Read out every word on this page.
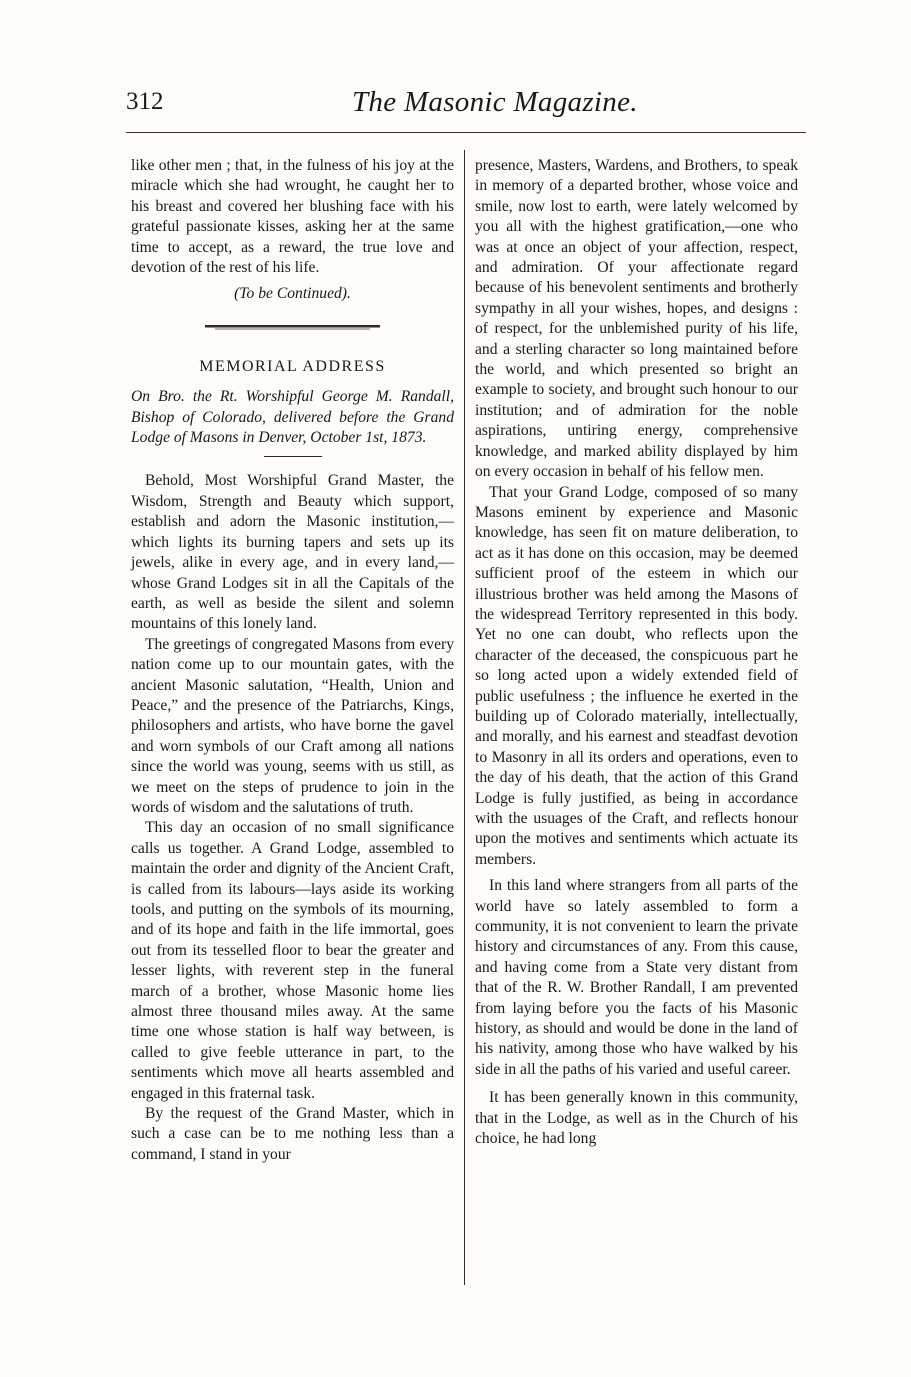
312	The Masonic Magazine.

like other men ; that, in the fulness of his joy at the miracle which she had wrought, he caught her to his breast and covered her blushing face with his grateful passionate kisses, asking her at the same time to accept, as a reward, the true love and devotion of the rest of his life.

(To be Continued).

MEMORIAL ADDRESS

On Bro. the Rt. Worshipful George M. Randall, Bishop of Colorado, delivered before the Grand Lodge of Masons in Denver, October 1st, 1873.

Behold, Most Worshipful Grand Master, the Wisdom, Strength and Beauty which support, establish and adorn the Masonic institution,—which lights its burning tapers and sets up its jewels, alike in every age, and in every land,—whose Grand Lodges sit in all the Capitals of the earth, as well as beside the silent and solemn mountains of this lonely land.

The greetings of congregated Masons from every nation come up to our mountain gates, with the ancient Masonic salutation, “Health, Union and Peace,” and the presence of the Patriarchs, Kings, philosophers and artists, who have borne the gavel and worn symbols of our Craft among all nations since the world was young, seems with us still, as we meet on the steps of prudence to join in the words of wisdom and the salutations of truth.

This day an occasion of no small significance calls us together. A Grand Lodge, assembled to maintain the order and dignity of the Ancient Craft, is called from its labours—lays aside its working tools, and putting on the symbols of its mourning, and of its hope and faith in the life immortal, goes out from its tesselled floor to bear the greater and lesser lights, with reverent step in the funeral march of a brother, whose Masonic home lies almost three thousand miles away. At the same time one whose station is half way between, is called to give feeble utterance in part, to the sentiments which move all hearts assembled and engaged in this fraternal task.

By the request of the Grand Master, which in such a case can be to me nothing less than a command, I stand in your

presence, Masters, Wardens, and Brothers, to speak in memory of a departed brother, whose voice and smile, now lost to earth, were lately welcomed by you all with the highest gratification,—one who was at once an object of your affection, respect, and admiration. Of your affectionate regard because of his benevolent sentiments and brotherly sympathy in all your wishes, hopes, and designs : of respect, for the unblemished purity of his life, and a sterling character so long maintained before the world, and which presented so bright an example to society, and brought such honour to our institution; and of admiration for the noble aspirations, untiring energy, comprehensive knowledge, and marked ability displayed by him on every occasion in behalf of his fellow men.

That your Grand Lodge, composed of so many Masons eminent by experience and Masonic knowledge, has seen fit on mature deliberation, to act as it has done on this occasion, may be deemed sufficient proof of the esteem in which our illustrious brother was held among the Masons of the widespread Territory represented in this body. Yet no one can doubt, who reflects upon the character of the deceased, the conspicuous part he so long acted upon a widely extended field of public usefulness ; the influence he exerted in the building up of Colorado materially, intellectually, and morally, and his earnest and steadfast devotion to Masonry in all its orders and operations, even to the day of his death, that the action of this Grand Lodge is fully justified, as being in accordance with the usuages of the Craft, and reflects honour upon the motives and sentiments which actuate its members.

In this land where strangers from all parts of the world have so lately assembled to form a community, it is not convenient to learn the private history and circumstances of any. From this cause, and having come from a State very distant from that of the R. W. Brother Randall, I am prevented from laying before you the facts of his Masonic history, as should and would be done in the land of his nativity, among those who have walked by his side in all the paths of his varied and useful career.

It has been generally known in this community, that in the Lodge, as well as in the Church of his choice, he had long
